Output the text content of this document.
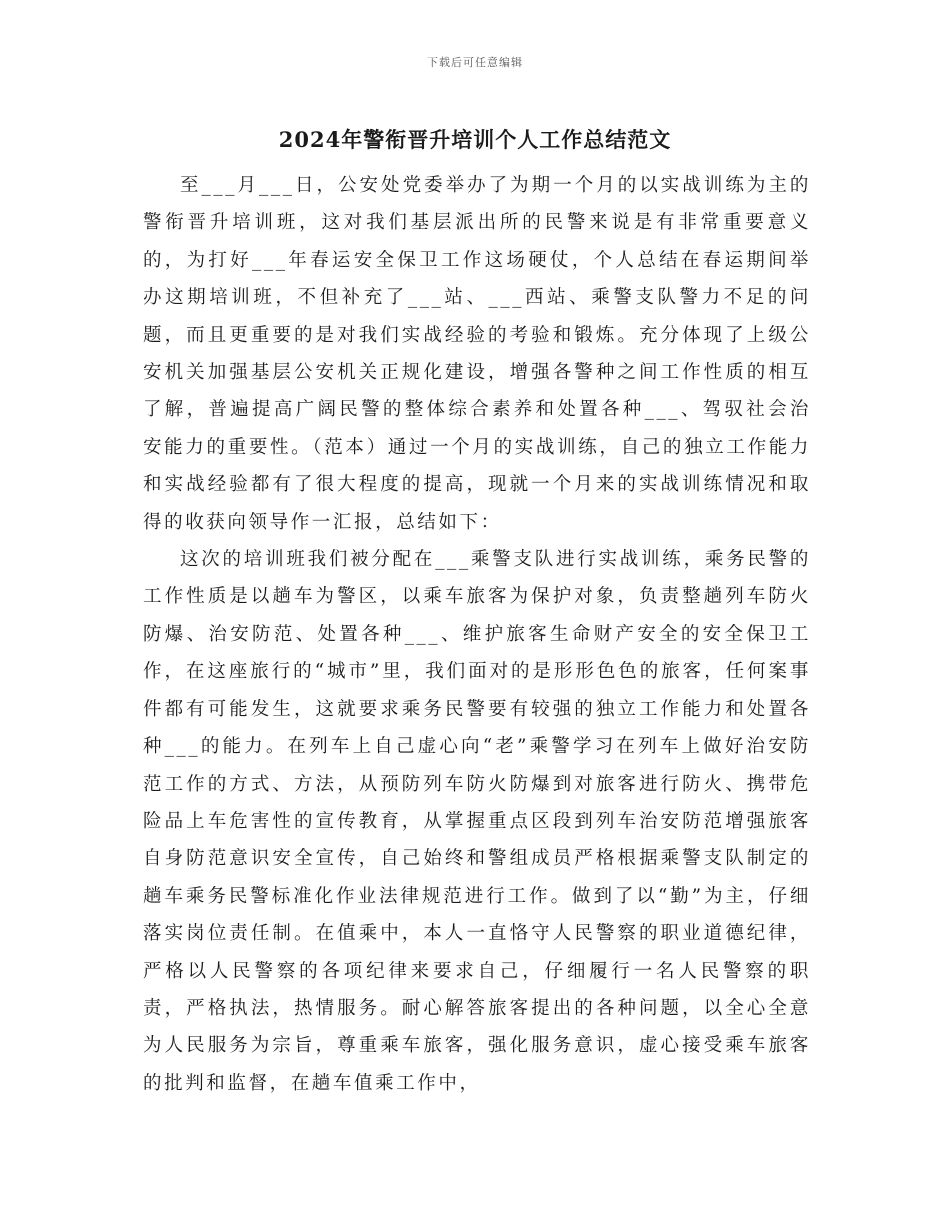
下载后可任意编辑
2024年警衔晋升培训个人工作总结范文

至___月___日，公安处党委举办了为期一个月的以实战训练为主的警衔晋升培训班，这对我们基层派出所的民警来说是有非常重要意义的，为打好___年春运安全保卫工作这场硬仗，个人总结在春运期间举办这期培训班，不但补充了___站、___西站、乘警支队警力不足的问题，而且更重要的是对我们实战经验的考验和锻炼。充分体现了上级公安机关加强基层公安机关正规化建设，增强各警种之间工作性质的相互了解，普遍提高广阔民警的整体综合素养和处置各种___、驾驭社会治安能力的重要性。（范本）通过一个月的实战训练，自己的独立工作能力和实战经验都有了很大程度的提高，现就一个月来的实战训练情况和取得的收获向领导作一汇报，总结如下：

这次的培训班我们被分配在___乘警支队进行实战训练，乘务民警的工作性质是以趟车为警区，以乘车旅客为保护对象，负责整趟列车防火防爆、治安防范、处置各种___、维护旅客生命财产安全的安全保卫工作，在这座旅行的“城市”里，我们面对的是形形色色的旅客，任何案事件都有可能发生，这就要求乘务民警要有较强的独立工作能力和处置各种___的能力。在列车上自己虚心向“老”乘警学习在列车上做好治安防范工作的方式、方法，从预防列车防火防爆到对旅客进行防火、携带危险品上车危害性的宣传教育，从掌握重点区段到列车治安防范增强旅客自身防范意识安全宣传，自己始终和警组成员严格根据乘警支队制定的趟车乘务民警标准化作业法律规范进行工作。做到了以“勤”为主，仔细落实岗位责任制。在值乘中，本人一直恪守人民警察的职业道德纪律，严格以人民警察的各项纪律来要求自己，仔细履行一名人民警察的职责，严格执法，热情服务。耐心解答旅客提出的各种问题，以全心全意为人民服务为宗旨，尊重乘车旅客，强化服务意识，虚心接受乘车旅客的批判和监督，在趟车值乘工作中，
